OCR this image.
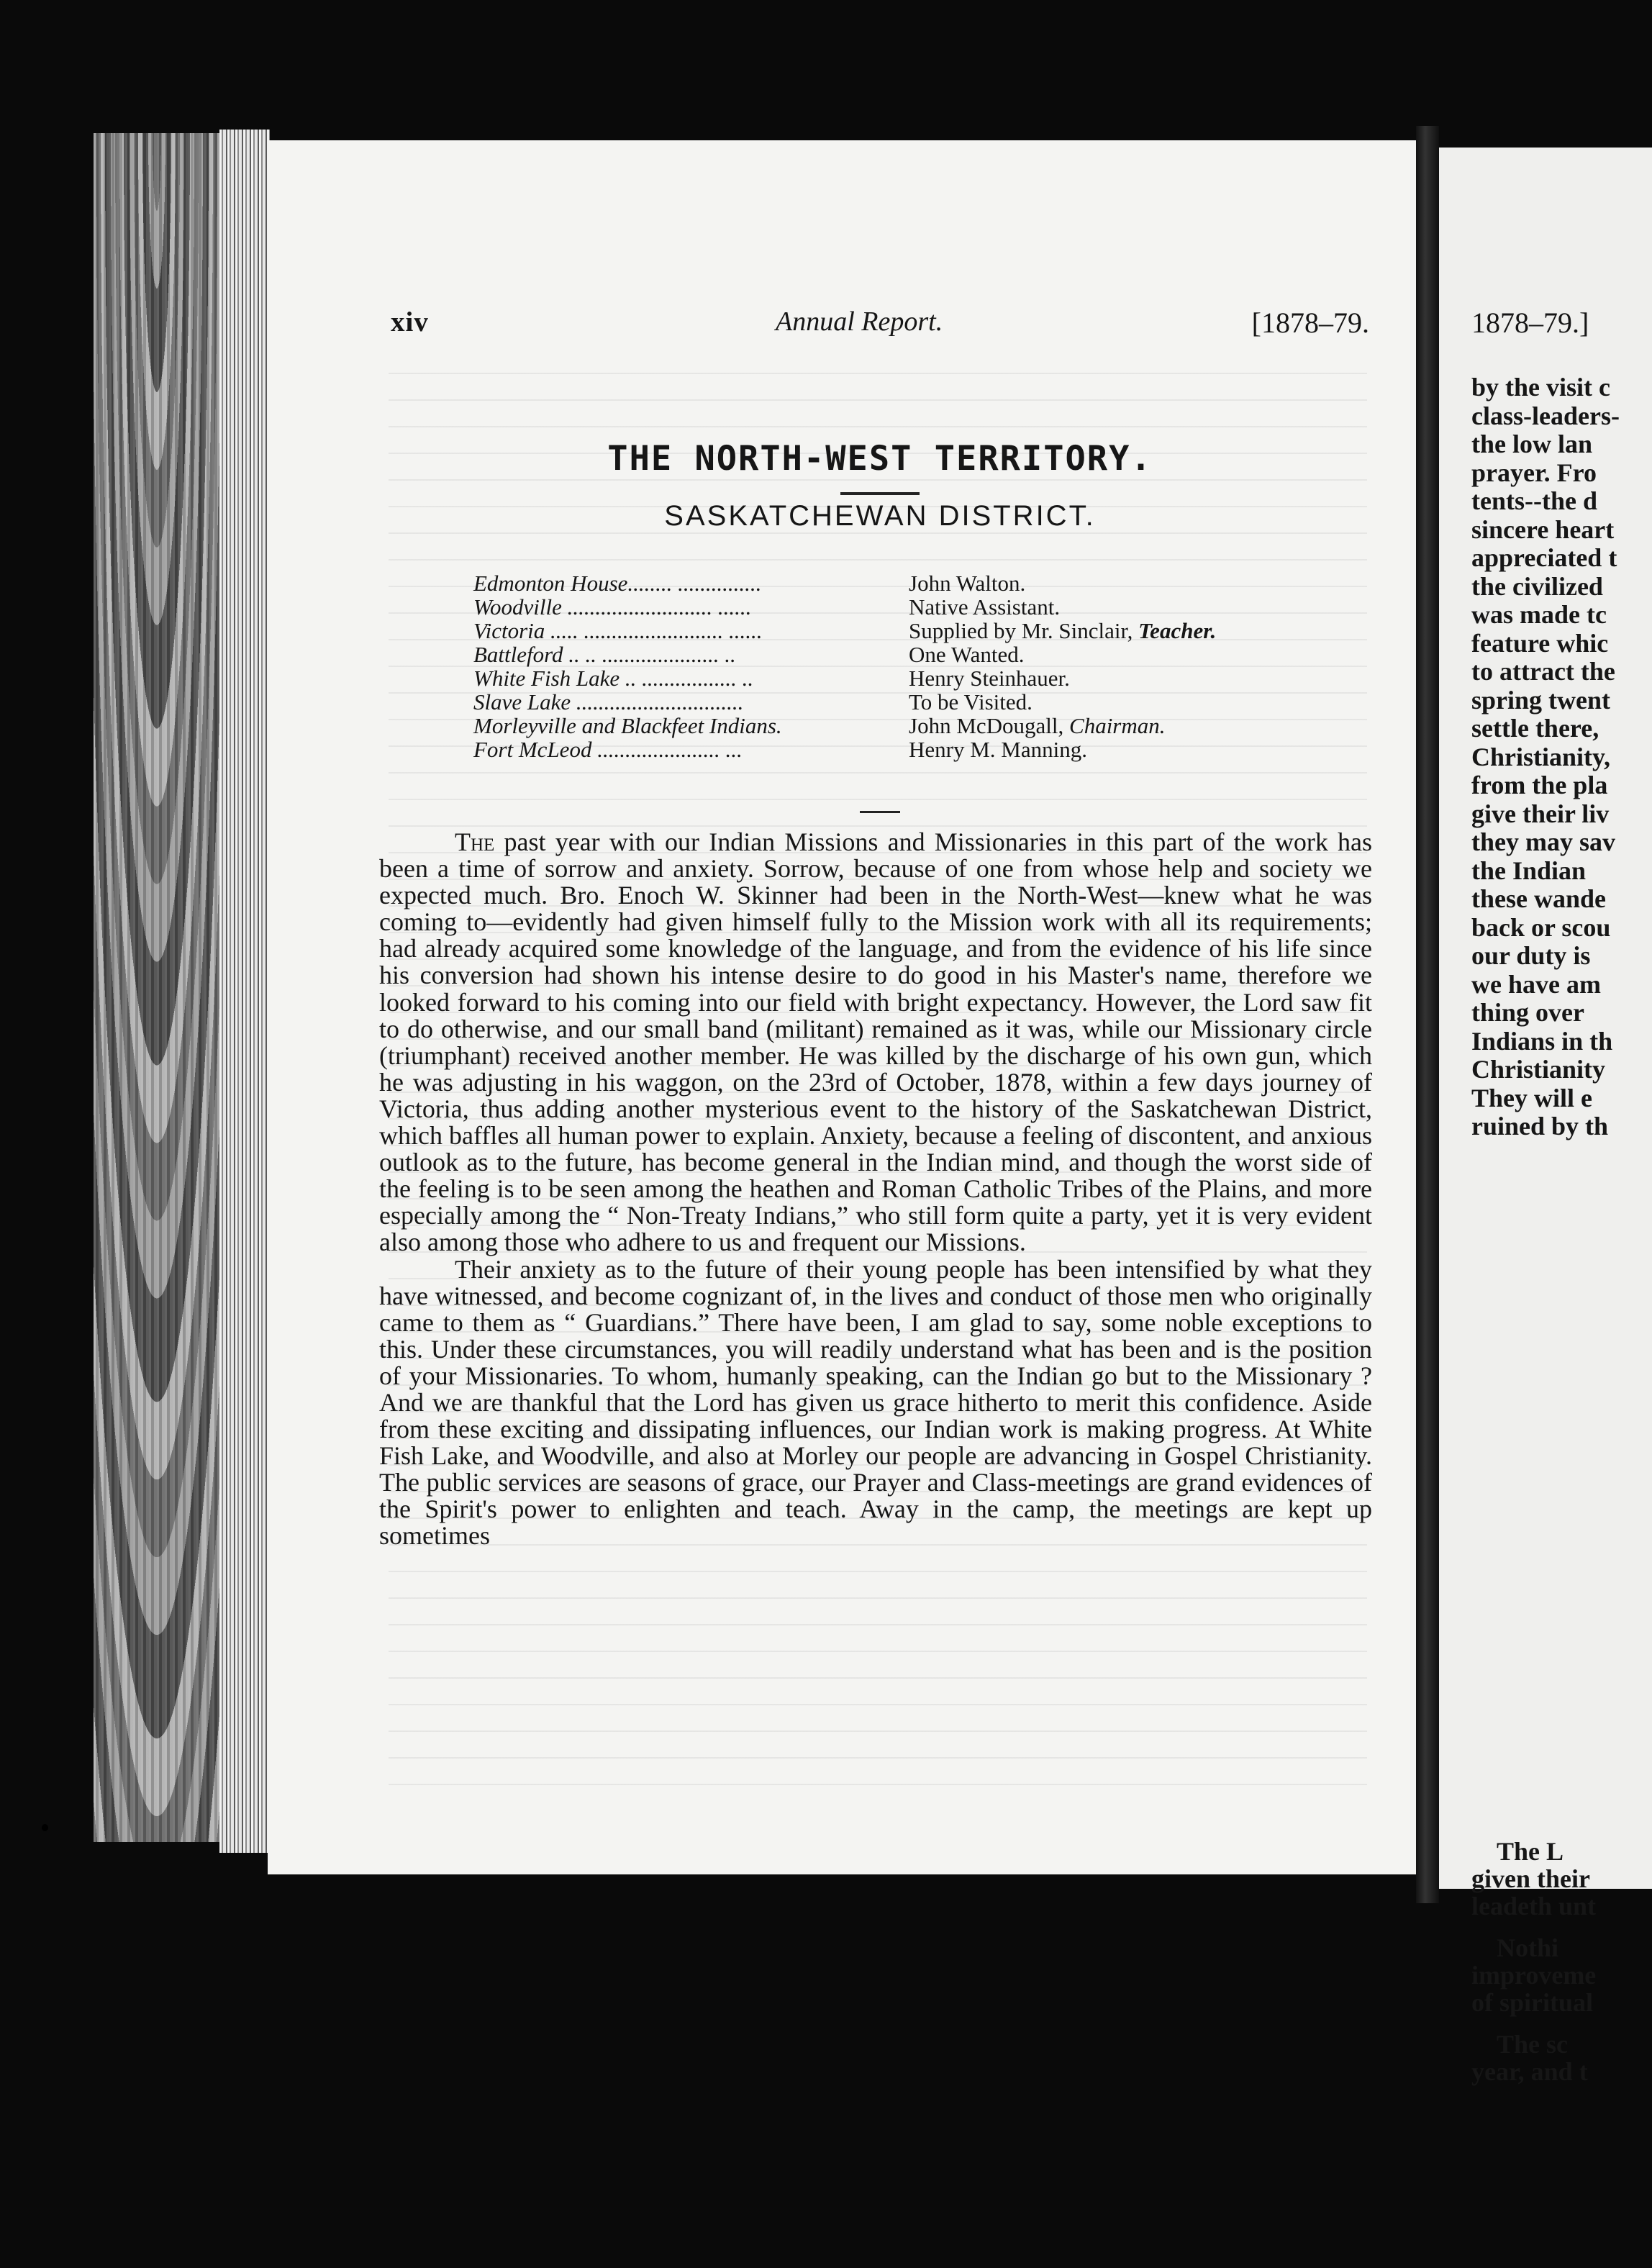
xiv	Annual Report.	[1878–79.
THE NORTH-WEST TERRITORY.
SASKATCHEWAN DISTRICT.
Edmonton House........ ...............	John Walton.
Woodville .......................... ......	Native Assistant.
Victoria ..... ......................... ......	Supplied by Mr. Sinclair, Teacher.
Battleford .. .. ..................... ..	One Wanted.
White Fish Lake .. ................. ..	Henry Steinhauer.
Slave Lake ..............................	To be Visited.
Morleyville and Blackfeet Indians.	John McDougall, Chairman.
Fort McLeod ...................... ...	Henry M. Manning.

The past year with our Indian Missions and Missionaries in this part of the work has been a time of sorrow and anxiety. Sorrow, because of one from whose help and society we expected much. Bro. Enoch W. Skinner had been in the North-West—knew what he was coming to—evidently had given himself fully to the Mission work with all its requirements; had already acquired some knowledge of the language, and from the evidence of his life since his conversion had shown his intense desire to do good in his Master's name, therefore we looked forward to his coming into our field with bright expectancy. However, the Lord saw fit to do otherwise, and our small band (militant) remained as it was, while our Missionary circle (triumphant) received another member. He was killed by the discharge of his own gun, which he was adjusting in his waggon, on the 23rd of October, 1878, within a few days journey of Victoria, thus adding another mysterious event to the history of the Saskatchewan District, which baffles all human power to explain. Anxiety, because a feeling of discontent, and anxious outlook as to the future, has become general in the Indian mind, and though the worst side of the feeling is to be seen among the heathen and Roman Catholic Tribes of the Plains, and more especially among the “ Non-Treaty Indians,” who still form quite a party, yet it is very evident also among those who adhere to us and frequent our Missions.

Their anxiety as to the future of their young people has been intensified by what they have witnessed, and become cognizant of, in the lives and conduct of those men who originally came to them as “ Guardians.” There have been, I am glad to say, some noble exceptions to this. Under these circumstances, you will readily understand what has been and is the position of your Missionaries. To whom, humanly speaking, can the Indian go but to the Missionary ? And we are thankful that the Lord has given us grace hitherto to merit this confidence. Aside from these exciting and dissipating influences, our Indian work is making progress. At White Fish Lake, and Woodville, and also at Morley our people are advancing in Gospel Christianity. The public services are seasons of grace, our Prayer and Class-meetings are grand evidences of the Spirit's power to enlighten and teach. Away in the camp, the meetings are kept up sometimes

1878–79.]
by the visit c
class-leaders-
the low lan
prayer. Fro
tents--the d
sincere heart
appreciated t
the civilized
was made tc
feature whic
to attract the
spring twent
settle there,
Christianity,
from the pla
give their liv
they may sav
the Indian
these wande
back or scou
our duty is
we have am
thing over
Indians in th
Christianity
They will e
ruined by th
The L
given their
leadeth unt
Nothi
improveme
of spiritual
The sc
year, and t
